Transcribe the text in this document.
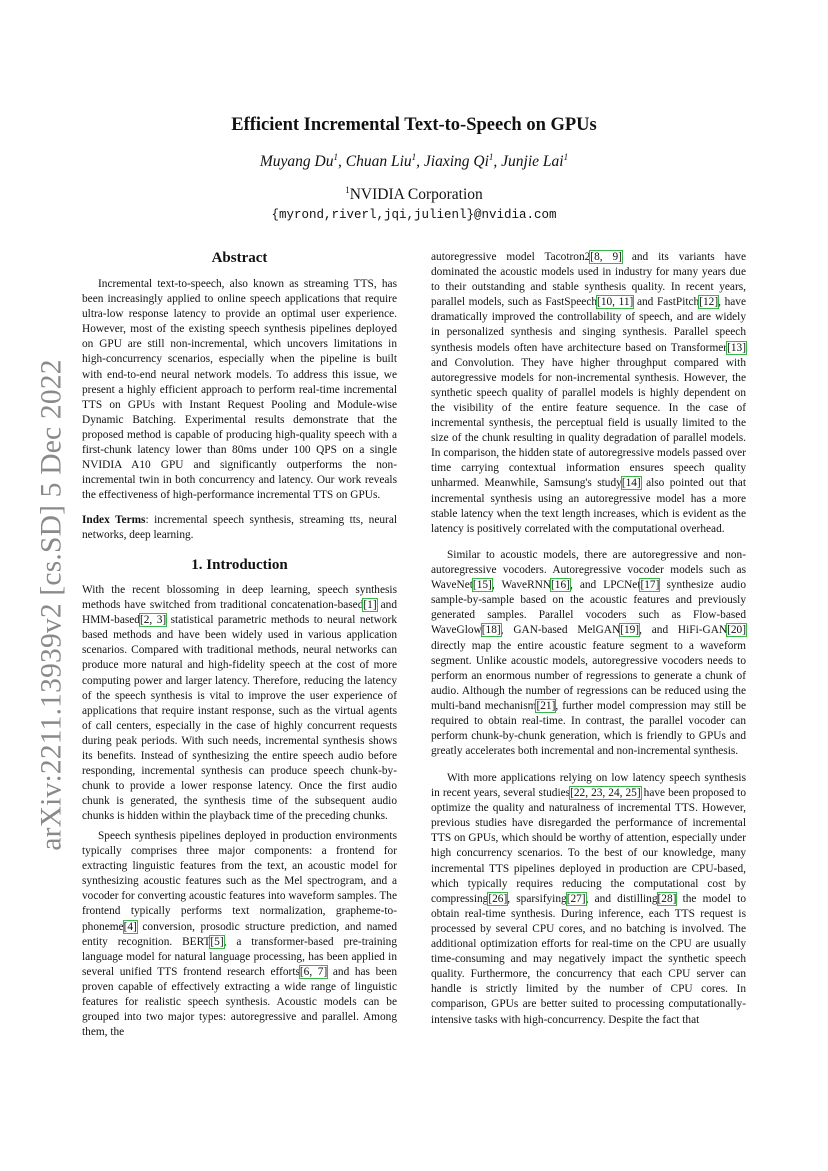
arXiv:2211.13939v2 [cs.SD] 5 Dec 2022
Efficient Incremental Text-to-Speech on GPUs
Muyang Du$^1$, Chuan Liu$^1$, Jiaxing Qi$^1$, Junjie Lai$^1$
$^1$NVIDIA Corporation
{myrond,riverl,jqi,julienl}@nvidia.com
Abstract
Incremental text-to-speech, also known as streaming TTS, has been increasingly applied to online speech applications that require ultra-low response latency to provide an optimal user experience. However, most of the existing speech synthesis pipelines deployed on GPU are still non-incremental, which uncovers limitations in high-concurrency scenarios, especially when the pipeline is built with end-to-end neural network models. To address this issue, we present a highly efficient approach to perform real-time incremental TTS on GPUs with Instant Request Pooling and Module-wise Dynamic Batching. Experimental results demonstrate that the proposed method is capable of producing high-quality speech with a first-chunk latency lower than 80ms under 100 QPS on a single NVIDIA A10 GPU and significantly outperforms the non-incremental twin in both concurrency and latency. Our work reveals the effectiveness of high-performance incremental TTS on GPUs.
Index Terms: incremental speech synthesis, streaming tts, neural networks, deep learning.
1. Introduction
With the recent blossoming in deep learning, speech synthesis methods have switched from traditional concatenation-based[1] and HMM-based[2, 3] statistical parametric methods to neural network based methods and have been widely used in various application scenarios. Compared with traditional methods, neural networks can produce more natural and high-fidelity speech at the cost of more computing power and larger latency. Therefore, reducing the latency of the speech synthesis is vital to improve the user experience of applications that require instant response, such as the virtual agents of call centers, especially in the case of highly concurrent requests during peak periods. With such needs, incremental synthesis shows its benefits. Instead of synthesizing the entire speech audio before responding, incremental synthesis can produce speech chunk-by-chunk to provide a lower response latency. Once the first audio chunk is generated, the synthesis time of the subsequent audio chunks is hidden within the playback time of the preceding chunks.
Speech synthesis pipelines deployed in production environments typically comprises three major components: a frontend for extracting linguistic features from the text, an acoustic model for synthesizing acoustic features such as the Mel spectrogram, and a vocoder for converting acoustic features into waveform samples. The frontend typically performs text normalization, grapheme-to-phoneme[4] conversion, prosodic structure prediction, and named entity recognition. BERT[5], a transformer-based pre-training language model for natural language processing, has been applied in several unified TTS frontend research efforts[6, 7] and has been proven capable of effectively extracting a wide range of linguistic features for realistic speech synthesis. Acoustic models can be grouped into two major types: autoregressive and parallel. Among them, the
autoregressive model Tacotron2[8, 9] and its variants have dominated the acoustic models used in industry for many years due to their outstanding and stable synthesis quality. In recent years, parallel models, such as FastSpeech[10, 11] and FastPitch[12], have dramatically improved the controllability of speech, and are widely in personalized synthesis and singing synthesis. Parallel speech synthesis models often have architecture based on Transformer[13] and Convolution. They have higher throughput compared with autoregressive models for non-incremental synthesis. However, the synthetic speech quality of parallel models is highly dependent on the visibility of the entire feature sequence. In the case of incremental synthesis, the perceptual field is usually limited to the size of the chunk resulting in quality degradation of parallel models. In comparison, the hidden state of autoregressive models passed over time carrying contextual information ensures speech quality unharmed. Meanwhile, Samsung's study[14] also pointed out that incremental synthesis using an autoregressive model has a more stable latency when the text length increases, which is evident as the latency is positively correlated with the computational overhead.
Similar to acoustic models, there are autoregressive and non-autoregressive vocoders. Autoregressive vocoder models such as WaveNet[15], WaveRNN[16], and LPCNet[17] synthesize audio sample-by-sample based on the acoustic features and previously generated samples. Parallel vocoders such as Flow-based WaveGlow[18], GAN-based MelGAN[19], and HiFi-GAN[20] directly map the entire acoustic feature segment to a waveform segment. Unlike acoustic models, autoregressive vocoders needs to perform an enormous number of regressions to generate a chunk of audio. Although the number of regressions can be reduced using the multi-band mechanism[21], further model compression may still be required to obtain real-time. In contrast, the parallel vocoder can perform chunk-by-chunk generation, which is friendly to GPUs and greatly accelerates both incremental and non-incremental synthesis.
With more applications relying on low latency speech synthesis in recent years, several studies[22, 23, 24, 25] have been proposed to optimize the quality and naturalness of incremental TTS. However, previous studies have disregarded the performance of incremental TTS on GPUs, which should be worthy of attention, especially under high concurrency scenarios. To the best of our knowledge, many incremental TTS pipelines deployed in production are CPU-based, which typically requires reducing the computational cost by compressing[26], sparsifying[27], and distilling[28] the model to obtain real-time synthesis. During inference, each TTS request is processed by several CPU cores, and no batching is involved. The additional optimization efforts for real-time on the CPU are usually time-consuming and may negatively impact the synthetic speech quality. Furthermore, the concurrency that each CPU server can handle is strictly limited by the number of CPU cores. In comparison, GPUs are better suited to processing computationally-intensive tasks with high-concurrency. Despite the fact that
